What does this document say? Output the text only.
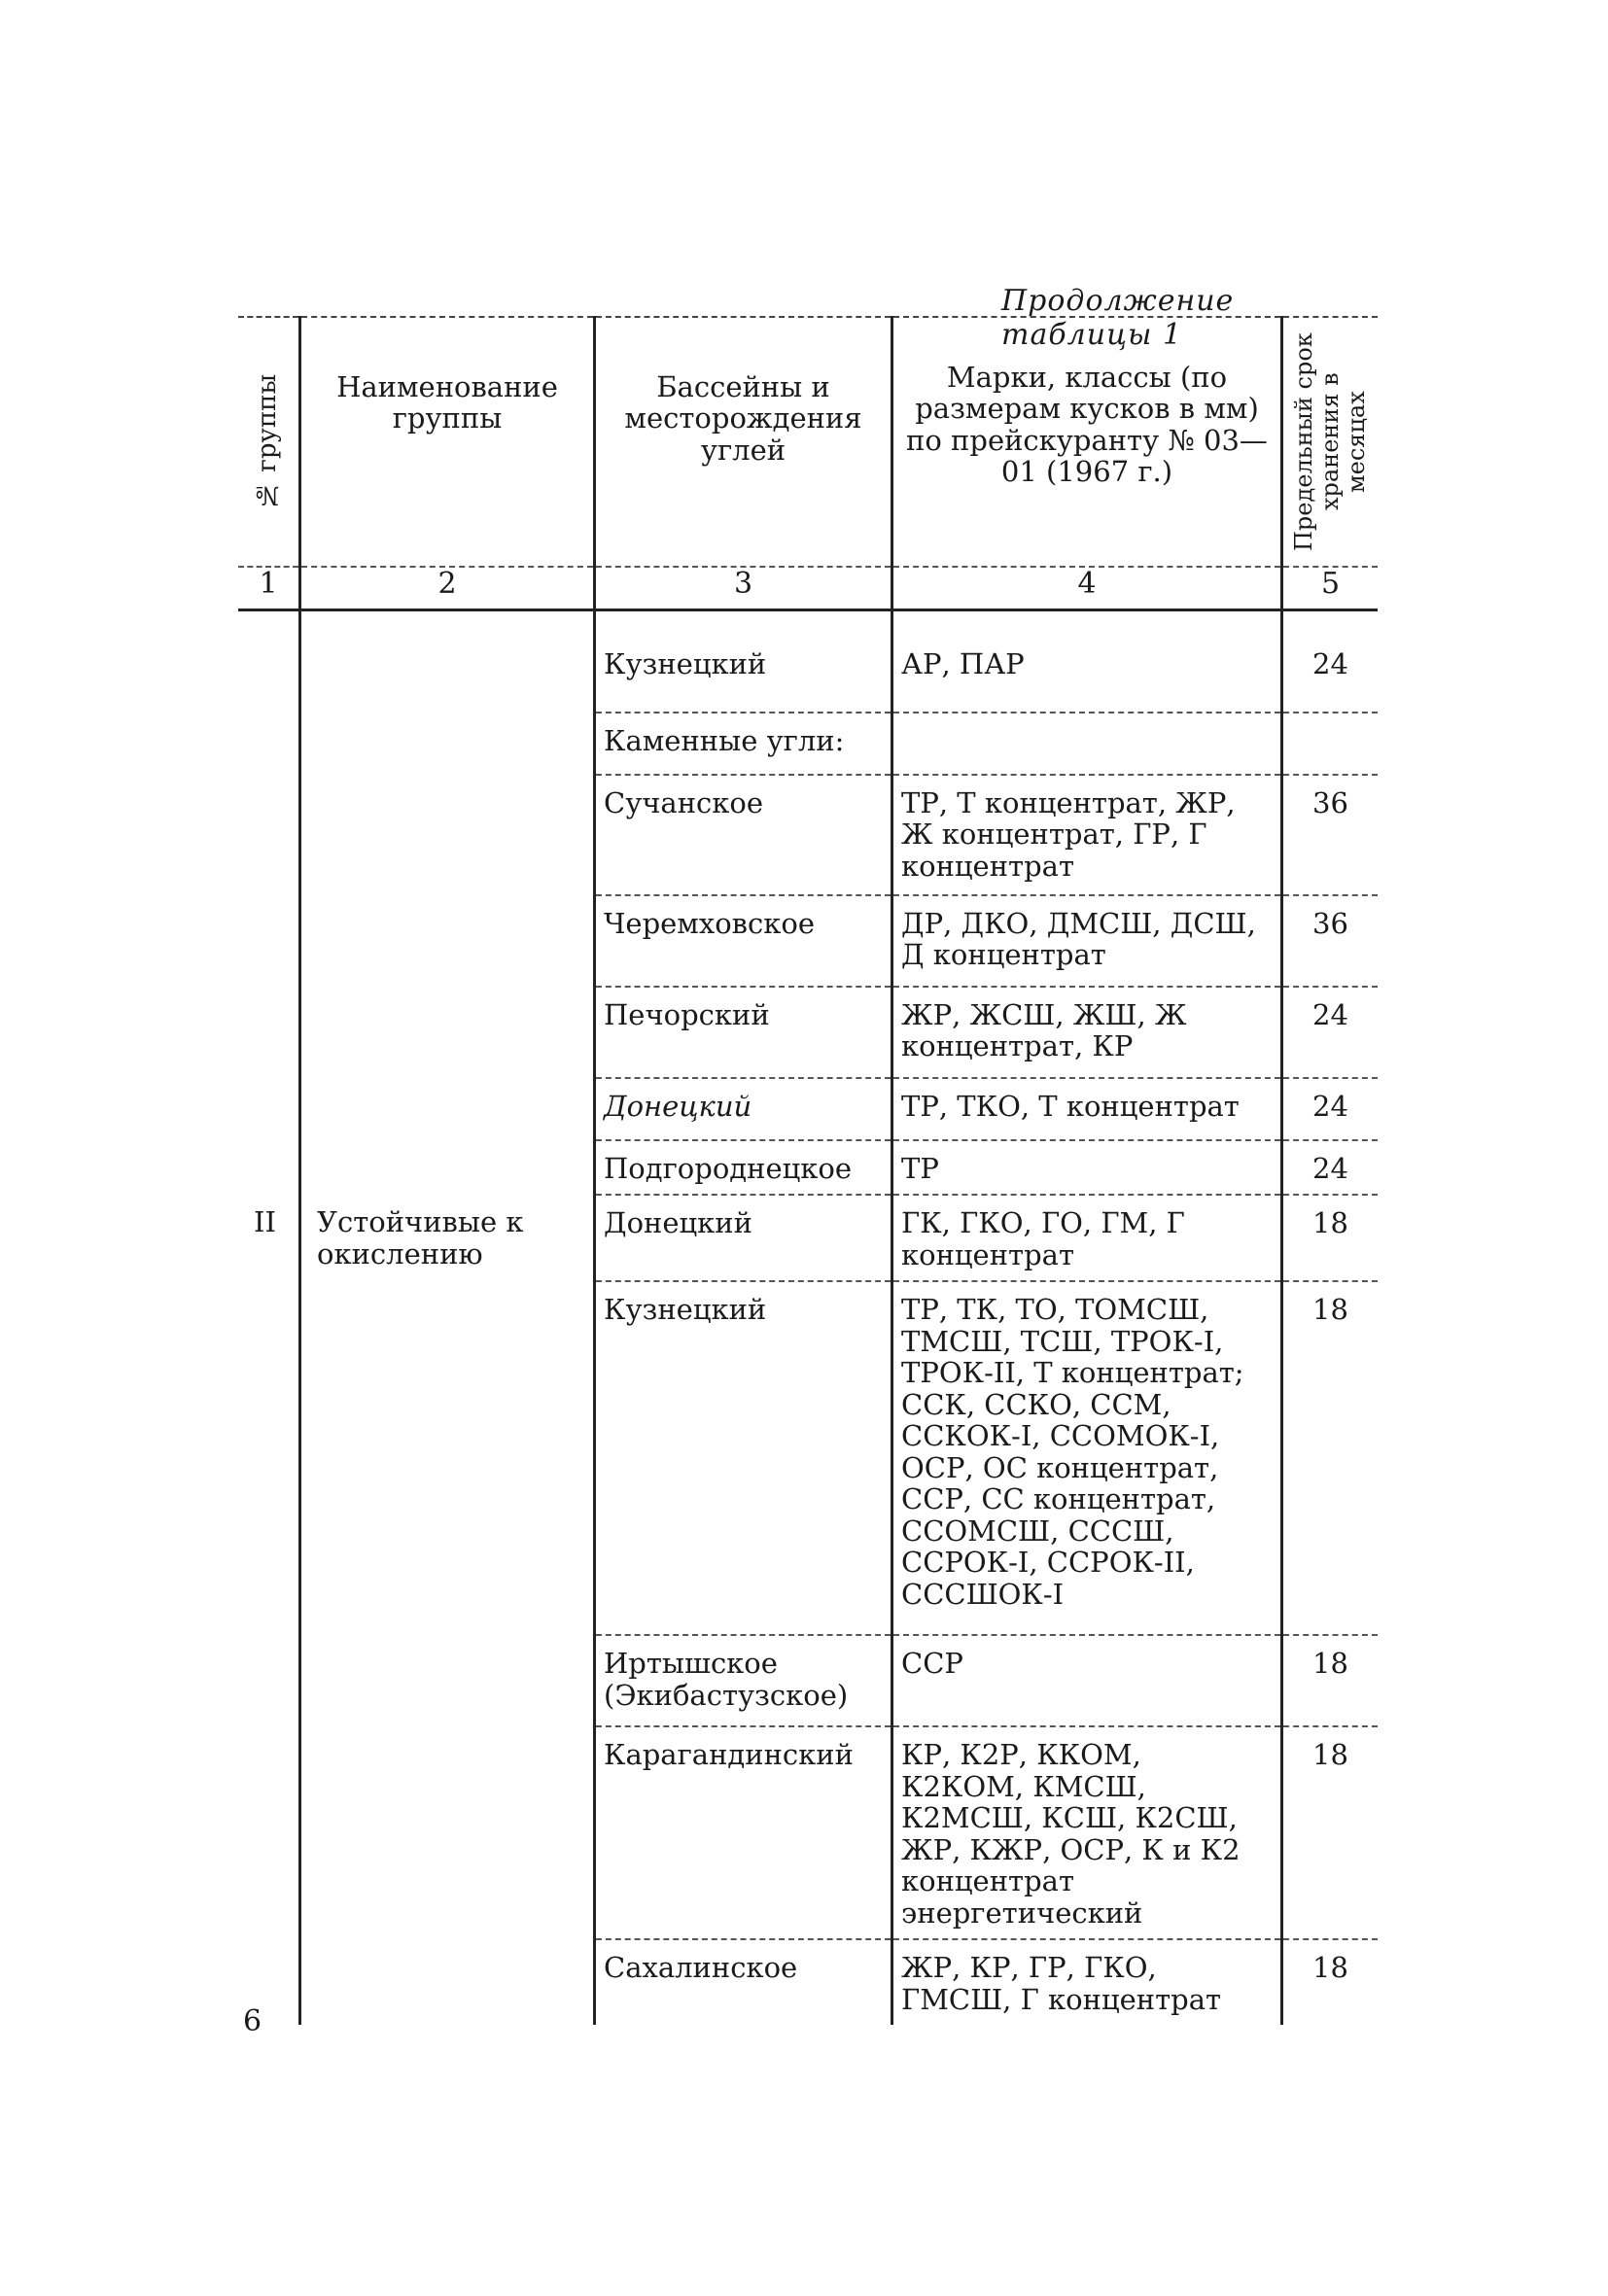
Продолжение таблицы 1
№ группы	Наименование группы	Бассейны и месторождения углей	Марки, классы (по размерам кусков в мм) по прейскуранту № 03—01 (1967 г.)	Предельный срок хранения в месяцах

1	2	3	4	5
		Кузнецкий	АР, ПАР	24

		Каменные угли:		

		Сучанское	ТР, Т концентрат, ЖР, Ж концентрат, ГР, Г концентрат	36

		Черемховское	ДР, ДКО, ДМСШ, ДСШ, Д концентрат	36

		Печорский	ЖР, ЖСШ, ЖШ, Ж концентрат, КР	24

		Донецкий	ТР, ТКО, Т концентрат	24

		Подгороднецкое	ТР	24

II	Устойчивые к окислению	Донецкий	ГК, ГКО, ГО, ГМ, Г концентрат	18

		Кузнецкий	ТР, ТК, ТО, ТОМСШ, ТМСШ, ТСШ, ТРОК-I, ТРОК-II, Т концентрат; ССК, ССКО, ССМ, ССКОК-I, ССОМОК-I, ОСР, ОС концентрат, ССР, СС концентрат, ССОМСШ, СССШ, ССРОК-I, ССРОК-II, СССШОК-I	18

		Иртышское (Экибастузское)	ССР	18

		Карагандинский	КР, К2Р, ККОМ, К2КОМ, КМСШ, К2МСШ, КСШ, К2СШ, ЖР, КЖР, ОСР, К и К2 концентрат энергетический	18

		Сахалинское	ЖР, КР, ГР, ГКО, ГМСШ, Г концентрат	18
6
